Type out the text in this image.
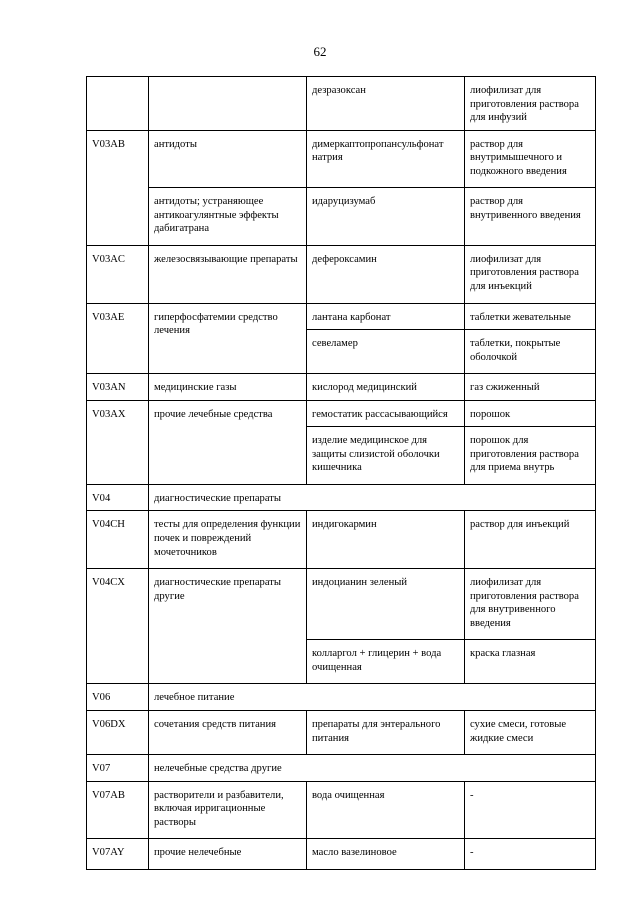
62
		дезразоксан	лиофилизат для приготовления раствора для инфузий
V03AB	антидоты	димеркаптопропансульфонат натрия	раствор для внутримышечного и подкожного введения
	антидоты; устраняющее антикоагулянтные эффекты дабигатрана	идаруцизумаб	раствор для внутривенного введения
V03AC	железосвязывающие препараты	деферoксамин	лиофилизат для приготовления раствора для инъекций
V03AE	гиперфосфатемии средство лечения	лантана карбонат	таблетки жевательные
		севеламер	таблетки, покрытые оболочкой
V03AN	медицинские газы	кислород медицинский	газ сжиженный
V03AX	прочие лечебные средства	гемостатик рассасывающийся	порошок
		изделие медицинское для защиты слизистой оболочки кишечника	порошок для приготовления раствора для приема внутрь
V04	диагностические препараты		
V04CH	тесты для определения функции почек и повреждений мочеточников	индигокармин	раствор для инъекций
V04CX	диагностические препараты другие	индоцианин зеленый	лиофилизат для приготовления раствора для внутривенного введения
		колларгол + глицерин + вода очищенная	краска глазная
V06	лечебное питание		
V06DX	сочетания средств питания	препараты для энтерального питания	сухие смеси, готовые жидкие смеси
V07	нелечебные средства другие		
V07AB	растворители и разбавители, включая ирригационные растворы	вода очищенная	-
V07AY	прочие нелечебные	масло вазелиновое	-
